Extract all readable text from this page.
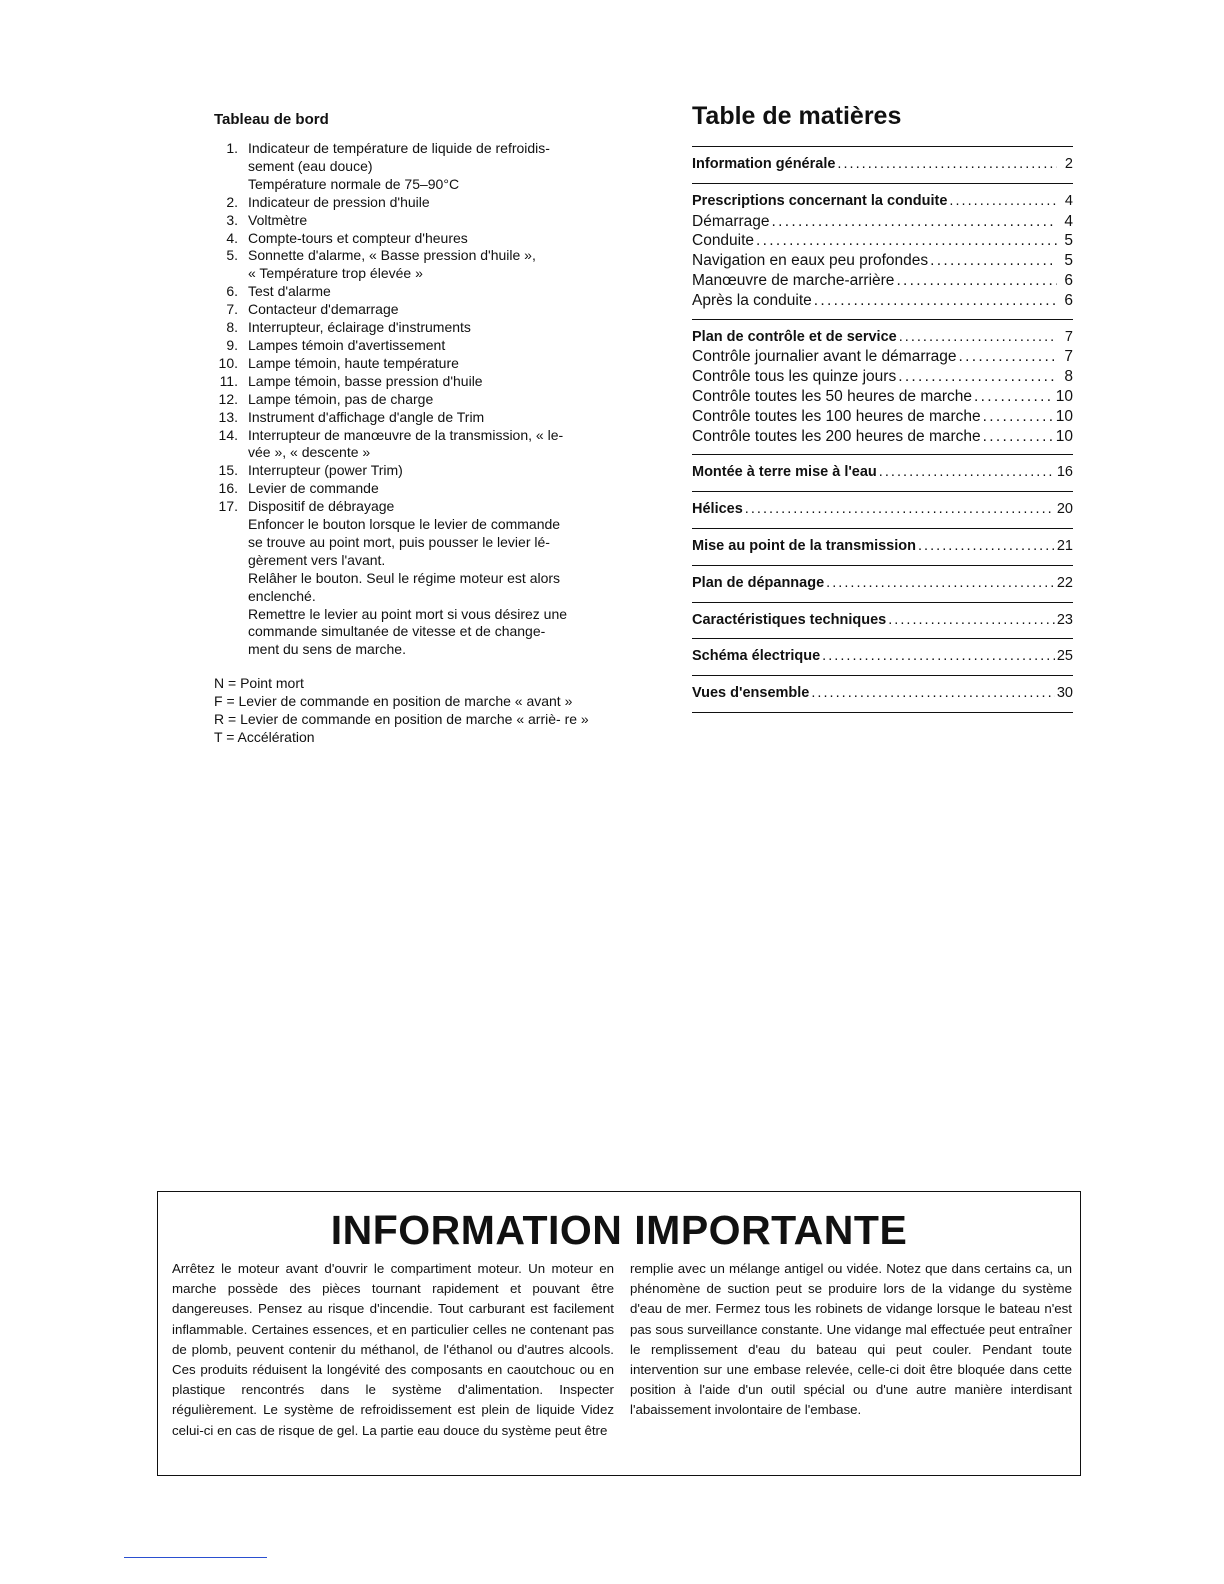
Tableau de bord
1. Indicateur de température de liquide de refroidis-
sement (eau douce)
Température normale de 75–90°C
2. Indicateur de pression d'huile
3. Voltmètre
4. Compte-tours et compteur d'heures
5. Sonnette d'alarme, « Basse pression d'huile »,
« Température trop élevée »
6. Test d'alarme
7. Contacteur d'demarrage
8. Interrupteur, éclairage d'instruments
9. Lampes témoin d'avertissement
10. Lampe témoin, haute température
11. Lampe témoin, basse pression d'huile
12. Lampe témoin, pas de charge
13. Instrument d'affichage d'angle de Trim
14. Interrupteur de manœuvre de la transmission, « le-
vée », « descente »
15. Interrupteur (power Trim)
16. Levier de commande
17. Dispositif de débrayage
Enfoncer le bouton lorsque le levier de commande
se trouve au point mort, puis pousser le levier lé-
gèrement vers l'avant.
Relâher le bouton. Seul le régime moteur est alors
enclenché.
Remettre le levier au point mort si vous désirez une
commande simultanée de vitesse et de change-
ment du sens de marche.
N = Point mort
F = Levier de commande en position de marche « avant »
R = Levier de commande en position de marche « arriè- re »
T = Accélération
Table de matières
Information générale . . .	2
Prescriptions concernant la conduite . . .	4
Démarrage . . .	4
Conduite . . .	5
Navigation en eaux peu profondes . . .	5
Manœuvre de marche-arrière . . .	6
Après la conduite . . .	6
Plan de contrôle et de service . . .	7
Contrôle journalier avant le démarrage . . .	7
Contrôle tous les quinze jours . . .	8
Contrôle toutes les 50 heures de marche . . .	10
Contrôle toutes les 100 heures de marche . . .	10
Contrôle toutes les 200 heures de marche . . .	10
Montée à terre mise à l'eau . . .	16
Hélices . . .	20
Mise au point de la transmission . . .	21
Plan de dépannage . . .	22
Caractéristiques techniques . . .	23
Schéma électrique . . .	25
Vues d'ensemble . . .	30
INFORMATION IMPORTANTE
Arrêtez le moteur avant d'ouvrir le compartiment moteur. Un moteur en marche possède des pièces tournant rapidement et pouvant être dangereuses. Pensez au risque d'incendie. Tout carburant est facilement inflammable. Certaines essences, et en particulier celles ne contenant pas de plomb, peuvent contenir du méthanol, de l'éthanol ou d'autres alcools. Ces produits réduisent la longévité des composants en caoutchouc ou en plastique rencontrés dans le système d'alimentation. Inspecter régulièrement. Le système de refroidissement est plein de liquide Videz celui-ci en cas de risque de gel. La partie eau douce du système peut être
remplie avec un mélange antigel ou vidée. Notez que dans certains ca, un phénomène de suction peut se produire lors de la vidange du système d'eau de mer. Fermez tous les robinets de vidange lorsque le bateau n'est pas sous surveillance constante. Une vidange mal effectuée peut entraîner le remplissement d'eau du bateau qui peut couler. Pendant toute intervention sur une embase relevée, celle-ci doit être bloquée dans cette position à l'aide d'un outil spécial ou d'une autre manière interdisant l'abaissement involontaire de l'embase.
